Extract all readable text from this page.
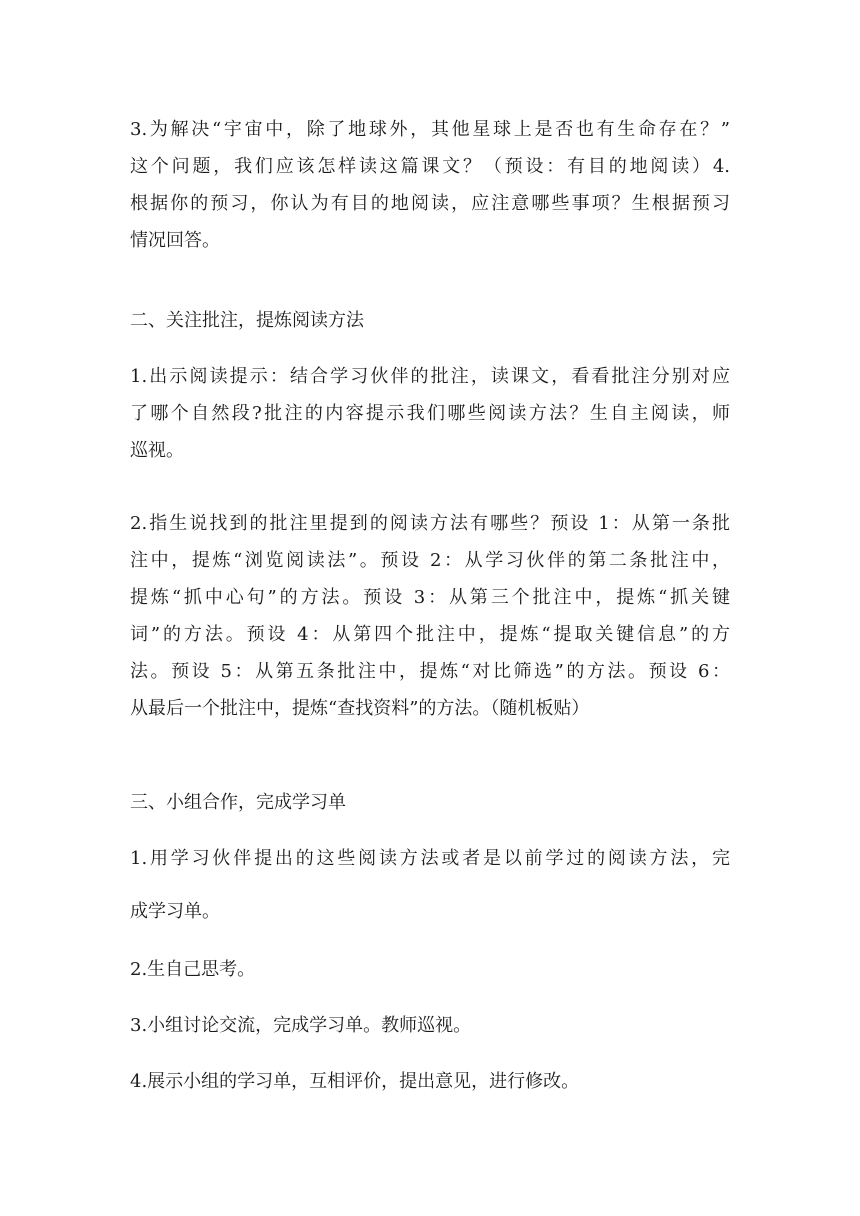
3.为解决“宇宙中，除了地球外，其他星球上是否也有生命存在？”
这个问题，我们应该怎样读这篇课文？（预设：有目的地阅读）4.
根据你的预习，你认为有目的地阅读，应注意哪些事项？生根据预习
情况回答。

二、关注批注，提炼阅读方法

1.出示阅读提示：结合学习伙伴的批注，读课文，看看批注分别对应
了哪个自然段?批注的内容提示我们哪些阅读方法？生自主阅读，师
巡视。
2.指生说找到的批注里提到的阅读方法有哪些？预设 1：从第一条批
注中，提炼“浏览阅读法”。预设 2：从学习伙伴的第二条批注中，
提炼“抓中心句”的方法。预设 3：从第三个批注中，提炼“抓关键
词”的方法。预设 4：从第四个批注中，提炼“提取关键信息”的方
法。预设 5：从第五条批注中，提炼“对比筛选”的方法。预设 6：
从最后一个批注中，提炼“查找资料”的方法。（随机板贴）

三、小组合作，完成学习单

1.用学习伙伴提出的这些阅读方法或者是以前学过的阅读方法，完
成学习单。

2.生自己思考。

3.小组讨论交流，完成学习单。教师巡视。

4.展示小组的学习单，互相评价，提出意见，进行修改。
